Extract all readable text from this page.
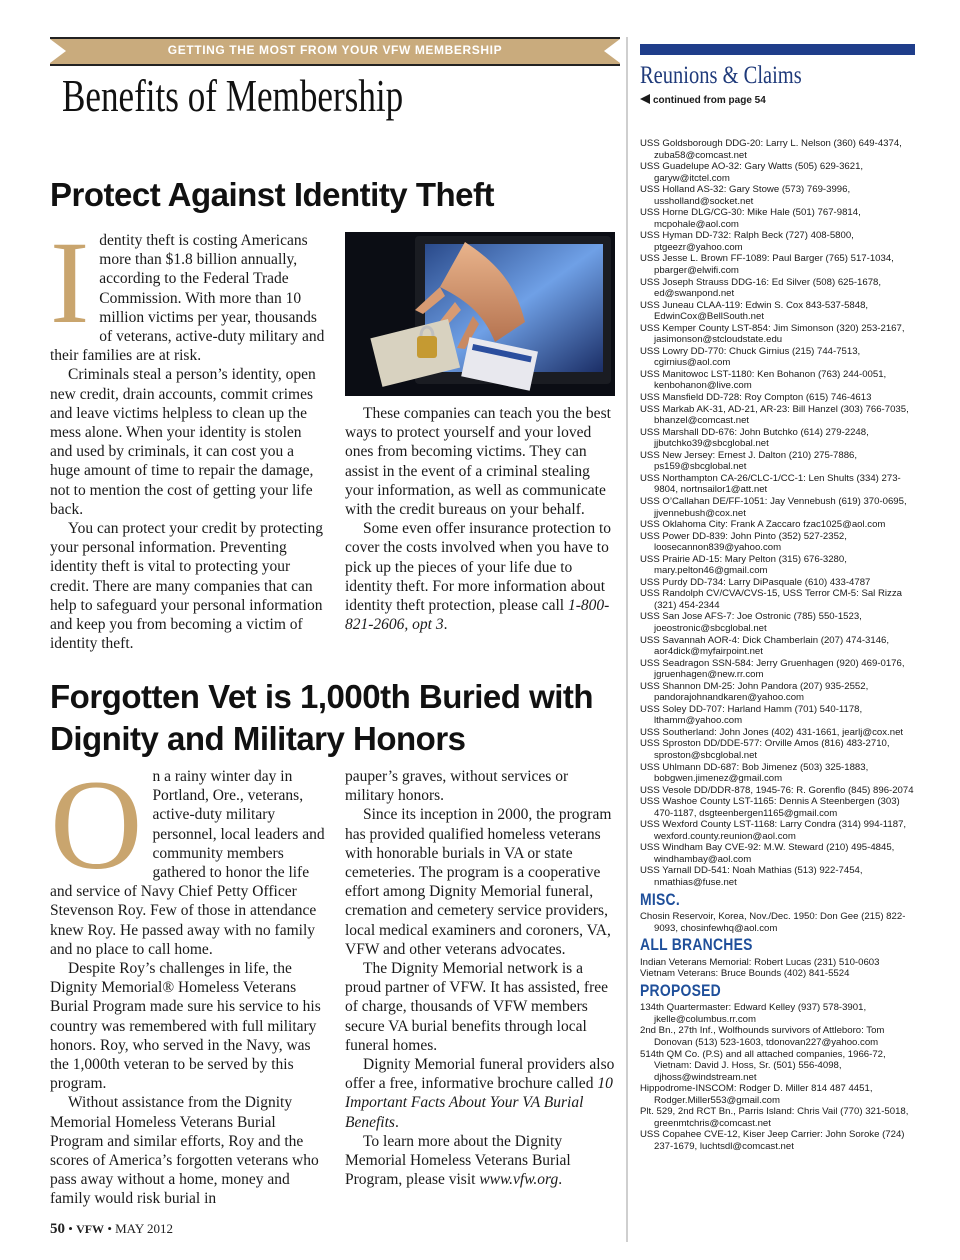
GETTING THE MOST FROM YOUR VFW MEMBERSHIP
Benefits of Membership
Protect Against Identity Theft
I dentity theft is costing Americans more than $1.8 billion annually, according to the Federal Trade Commission. With more than 10 million victims per year, thousands of veterans, active-duty military and their families are at risk.

Criminals steal a person’s identity, open new credit, drain accounts, commit crimes and leave victims helpless to clean up the mess alone. When your identity is stolen and used by criminals, it can cost you a huge amount of time to repair the damage, not to mention the cost of getting your life back.

You can protect your credit by protecting your personal information. Preventing identity theft is vital to protecting your credit. There are many companies that can help to safeguard your personal information and keep you from becoming a victim of identity theft.

These companies can teach you the best ways to protect yourself and your loved ones from becoming victims. They can assist in the event of a criminal stealing your information, as well as communicate with the credit bureaus on your behalf.

Some even offer insurance protection to cover the costs involved when you have to pick up the pieces of your life due to identity theft. For more information about identity theft protection, please call 1-800-821-2606, opt 3.

Forgotten Vet is 1,000th Buried with Dignity and Military Honors
O n a rainy winter day in Portland, Ore., veterans, active-duty military personnel, local leaders and community members gathered to honor the life and service of Navy Chief Petty Officer Stevenson Roy. Few of those in attendance knew Roy. He passed away with no family and no place to call home.

Despite Roy’s challenges in life, the Dignity Memorial® Homeless Veterans Burial Program made sure his service to his country was remembered with full military honors. Roy, who served in the Navy, was the 1,000th veteran to be served by this program.

Without assistance from the Dignity Memorial Homeless Veterans Burial Program and similar efforts, Roy and the scores of America’s forgotten veterans who pass away without a home, money and family would risk burial in

pauper’s graves, without services or military honors.

Since its inception in 2000, the program has provided qualified homeless veterans with honorable burials in VA or state cemeteries. The program is a cooperative effort among Dignity Memorial funeral, cremation and cemetery service providers, local medical examiners and coroners, VA, VFW and other veterans advocates.

The Dignity Memorial network is a proud partner of VFW. It has assisted, free of charge, thousands of VFW members secure VA burial benefits through local funeral homes.

Dignity Memorial funeral providers also offer a free, informative brochure called 10 Important Facts About Your VA Burial Benefits.

To learn more about the Dignity Memorial Homeless Veterans Burial Program, please visit www.vfw.org.

50 • VFW • MAY 2012
Reunions & Claims
continued from page 54
USS Goldsborough DDG-20: Larry L. Nelson (360) 649-4374, zuba58@comcast.net
USS Guadelupe AO-32: Gary Watts (505) 629-3621, garyw@itctel.com
USS Holland AS-32: Gary Stowe (573) 769-3996, ussholland@socket.net
USS Horne DLG/CG-30: Mike Hale (501) 767-9814, mcpohale@aol.com
USS Hyman DD-732: Ralph Beck (727) 408-5800, ptgeezr@yahoo.com
USS Jesse L. Brown FF-1089: Paul Barger (765) 517-1034, pbarger@elwifi.com
USS Joseph Strauss DDG-16: Ed Silver (508) 625-1678, ed@swanpond.net
USS Juneau CLAA-119: Edwin S. Cox 843-537-5848, EdwinCox@BellSouth.net
USS Kemper County LST-854: Jim Simonson (320) 253-2167, jasimonson@stcloudstate.edu
USS Lowry DD-770: Chuck Girnius (215) 744-7513, cgirnius@aol.com
USS Manitowoc LST-1180: Ken Bohanon (763) 244-0051, kenbohanon@live.com
USS Mansfield DD-728: Roy Compton (615) 746-4613
USS Markab AK-31, AD-21, AR-23: Bill Hanzel (303) 766-7035, bhanzel@comcast.net
USS Marshall DD-676: John Butchko (614) 279-2248, jjbutchko39@sbcglobal.net
USS New Jersey: Ernest J. Dalton (210) 275-7886, ps159@sbcglobal.net
USS Northampton CA-26/CLC-1/CC-1: Len Shults (334) 273-9804, nortnsailor1@att.net
USS O’Callahan DE/FF-1051: Jay Vennebush (619) 370-0695, jjvennebush@cox.net
USS Oklahoma City: Frank A Zaccaro fzac1025@aol.com
USS Power DD-839: John Pinto (352) 527-2352, loosecannon839@yahoo.com
USS Prairie AD-15: Mary Pelton (315) 676-3280, mary.pelton46@gmail.com
USS Purdy DD-734: Larry DiPasquale (610) 433-4787
USS Randolph CV/CVA/CVS-15, USS Terror CM-5: Sal Rizza (321) 454-2344
USS San Jose AFS-7: Joe Ostronic (785) 550-1523, joeostronic@sbcglobal.net
USS Savannah AOR-4: Dick Chamberlain (207) 474-3146, aor4dick@myfairpoint.net
USS Seadragon SSN-584: Jerry Gruenhagen (920) 469-0176, jgruenhagen@new.rr.com
USS Shannon DM-25: John Pandora (207) 935-2552, pandorajohnandkaren@yahoo.com
USS Soley DD-707: Harland Hamm (701) 540-1178, lthamm@yahoo.com
USS Southerland: John Jones (402) 431-1661, jearlj@cox.net
USS Sproston DD/DDE-577: Orville Amos (816) 483-2710, sproston@sbcglobal.net
USS Uhlmann DD-687: Bob Jimenez (503) 325-1883, bobgwen.jimenez@gmail.com
USS Vesole DD/DDR-878, 1945-76: R. Gorenflo (845) 896-2074
USS Washoe County LST-1165: Dennis A Steenbergen (303) 470-1187, dsgteenbergen1165@gmail.com
USS Wexford County LST-1168: Larry Condra (314) 994-1187, wexford.county.reunion@aol.com
USS Windham Bay CVE-92: M.W. Steward (210) 495-4845, windhambay@aol.com
USS Yarnall DD-541: Noah Mathias (513) 922-7454, nmathias@fuse.net
MISC.
Chosin Reservoir, Korea, Nov./Dec. 1950: Don Gee (215) 822-9093, chosinfewhq@aol.com
ALL BRANCHES
Indian Veterans Memorial: Robert Lucas (231) 510-0603
Vietnam Veterans: Bruce Bounds (402) 841-5524
PROPOSED
134th Quartermaster: Edward Kelley (937) 578-3901, jkelle@columbus.rr.com
2nd Bn., 27th Inf., Wolfhounds survivors of Attleboro: Tom Donovan (513) 523-1603, tdonovan227@yahoo.com
514th QM Co. (P.S) and all attached companies, 1966-72, Vietnam: David J. Hoss, Sr. (501) 556-4098, djhoss@windstream.net
Hippodrome-INSCOM: Rodger D. Miller 814 487 4451, Rodger.Miller553@gmail.com
Plt. 529, 2nd RCT Bn., Parris Island: Chris Vail (770) 321-5018, greenmtchris@comcast.net
USS Copahee CVE-12, Kiser Jeep Carrier: John Soroke (724) 237-1679, luchtsdl@comcast.net
